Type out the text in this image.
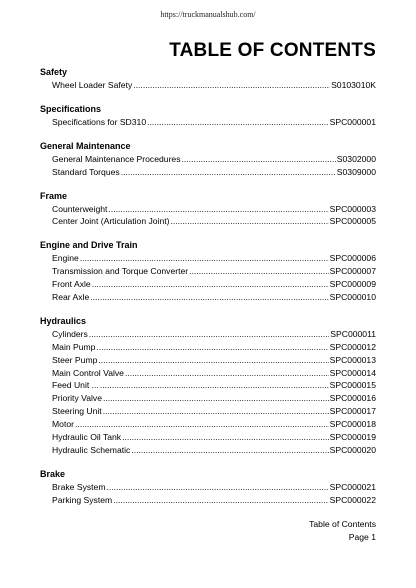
https://truckmanualshub.com/
TABLE OF CONTENTS
Safety
Wheel Loader Safety .....	S0103010K
Specifications
Specifications for SD310 .....	SPC000001
General Maintenance
General Maintenance Procedures .....	S0302000
Standard Torques .....	S0309000
Frame
Counterweight .....	SPC000003
Center Joint (Articulation Joint) .....	SPC000005
Engine and Drive Train
Engine .....	SPC000006
Transmission and Torque Converter .....	SPC000007
Front Axle .....	SPC000009
Rear Axle .....	SPC000010
Hydraulics
Cylinders .....	SPC000011
Main Pump .....	SPC000012
Steer Pump .....	SPC000013
Main Control Valve .....	SPC000014
Feed Unit ... .....	SPC000015
Priority Valve .....	SPC000016
Steering Unit .....	SPC000017
Motor .....	SPC000018
Hydraulic Oil Tank .....	SPC000019
Hydraulic Schematic .....	SPC000020
Brake
Brake System .....	SPC000021
Parking System .....	SPC000022
Table of Contents
Page 1
